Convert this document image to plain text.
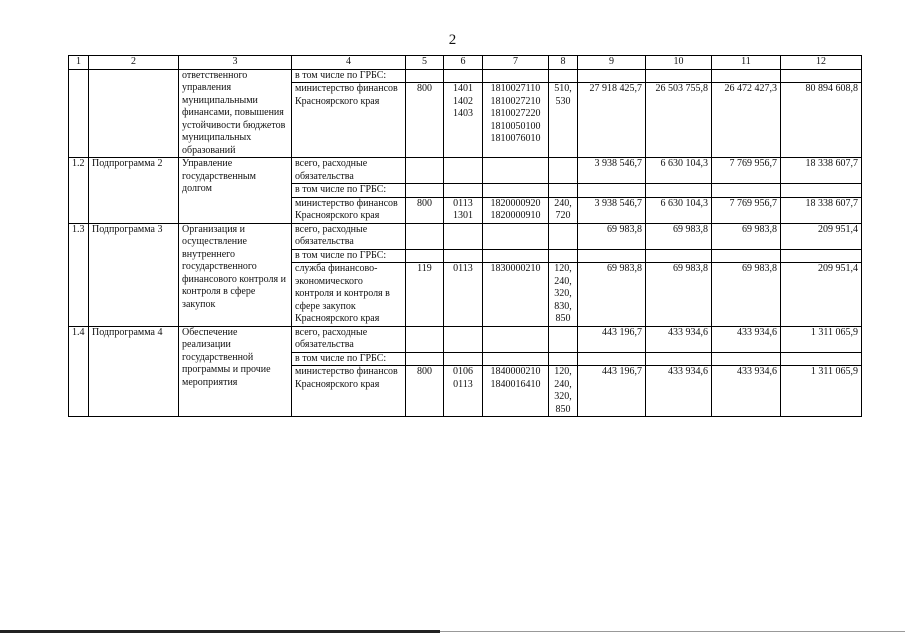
2
1	2	3	4	5	6	7	8	9	10	11	12
		ответственного управления муниципальными финансами, повышения устойчивости бюджетов муниципальных образований	в том числе по ГРБС:								
			министерство финансов Красноярского края	800	1401
1402
1403	1810027110
1810027210
1810027220
1810050100
1810076010	510,
530	27 918 425,7	26 503 755,8	26 472 427,3	80 894 608,8
1.2	Подпрограмма 2	Управление государственным долгом	всего, расходные обязательства					3 938 546,7	6 630 104,3	7 769 956,7	18 338 607,7
			в том числе по ГРБС:								
			министерство финансов Красноярского края	800	0113
1301	1820000920
1820000910	240,
720	3 938 546,7	6 630 104,3	7 769 956,7	18 338 607,7
1.3	Подпрограмма 3	Организация и осуществление внутреннего государственного финансового контроля и контроля в сфере закупок	всего, расходные обязательства					69 983,8	69 983,8	69 983,8	209 951,4
			в том числе по ГРБС:								
			служба финансово-экономического контроля и контроля в сфере закупок Красноярского края	119	0113	1830000210	120,
240,
320,
830,
850	69 983,8	69 983,8	69 983,8	209 951,4
1.4	Подпрограмма 4	Обеспечение реализации государственной программы и прочие мероприятия	всего, расходные обязательства					443 196,7	433 934,6	433 934,6	1 311 065,9
			в том числе по ГРБС:								
			министерство финансов Красноярского края	800	0106
0113	1840000210
1840016410	120,
240,
320,
850	443 196,7	433 934,6	433 934,6	1 311 065,9
